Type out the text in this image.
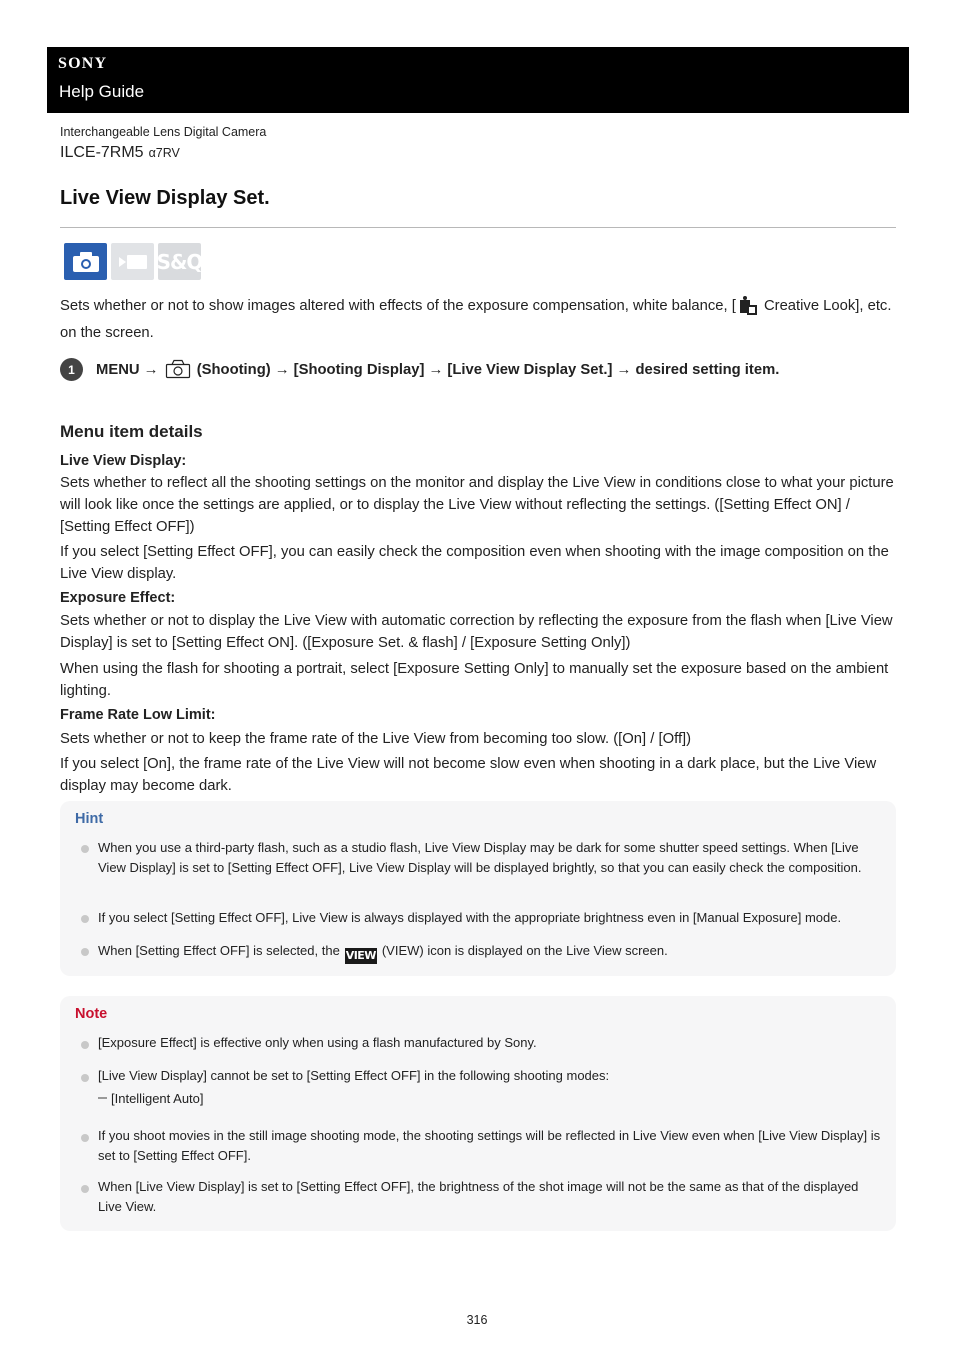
SONY
Help Guide
Interchangeable Lens Digital Camera
ILCE-7RM5 α7RV
Live View Display Set.
S&Q

Sets whether or not to show images altered with effects of the exposure compensation, white balance, [ Creative Look], etc. on the screen.

1	MENU →  (Shooting) → [Shooting Display] → [Live View Display Set.] → desired setting item.
Menu item details
Live View Display:

Sets whether to reflect all the shooting settings on the monitor and display the Live View in conditions close to what your picture will look like once the settings are applied, or to display the Live View without reflecting the settings. ([Setting Effect ON] / [Setting Effect OFF])

If you select [Setting Effect OFF], you can easily check the composition even when shooting with the image composition on the Live View display.

Exposure Effect:

Sets whether or not to display the Live View with automatic correction by reflecting the exposure from the flash when [Live View Display] is set to [Setting Effect ON]. ([Exposure Set. & flash] / [Exposure Setting Only])

When using the flash for shooting a portrait, select [Exposure Setting Only] to manually set the exposure based on the ambient lighting.

Frame Rate Low Limit:

Sets whether or not to keep the frame rate of the Live View from becoming too slow. ([On] / [Off])

If you select [On], the frame rate of the Live View will not become slow even when shooting in a dark place, but the Live View display may become dark.

Hint
When you use a third-party flash, such as a studio flash, Live View Display may be dark for some shutter speed settings. When [Live View Display] is set to [Setting Effect OFF], Live View Display will be displayed brightly, so that you can easily check the composition.
If you select [Setting Effect OFF], Live View is always displayed with the appropriate brightness even in [Manual Exposure] mode.
When [Setting Effect OFF] is selected, the VIEW (VIEW) icon is displayed on the Live View screen.
Note
[Exposure Effect] is effective only when using a flash manufactured by Sony.
[Live View Display] cannot be set to [Setting Effect OFF] in the following shooting modes:
[Intelligent Auto]
If you shoot movies in the still image shooting mode, the shooting settings will be reflected in Live View even when [Live View Display] is set to [Setting Effect OFF].
When [Live View Display] is set to [Setting Effect OFF], the brightness of the shot image will not be the same as that of the displayed Live View.
316
